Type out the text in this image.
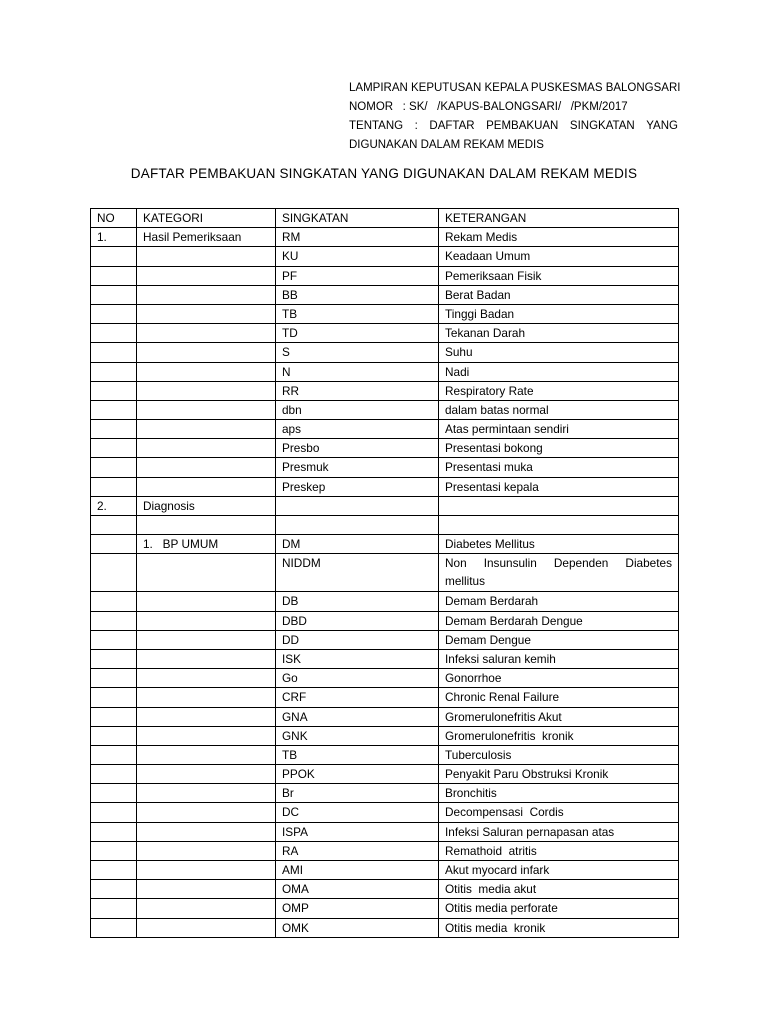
LAMPIRAN KEPUTUSAN KEPALA PUSKESMAS BALONGSARI
NOMOR   : SK/   /KAPUS-BALONGSARI/   /PKM/2017
TENTANG : DAFTAR PEMBAKUAN SINGKATAN YANG
DIGUNAKAN DALAM REKAM MEDIS
DAFTAR PEMBAKUAN SINGKATAN YANG DIGUNAKAN DALAM REKAM MEDIS
NO	KATEGORI	SINGKATAN	KETERANGAN
1.	Hasil Pemeriksaan	RM	Rekam Medis
		KU	Keadaan Umum
		PF	Pemeriksaan Fisik
		BB	Berat Badan
		TB	Tinggi Badan
		TD	Tekanan Darah
		S	Suhu
		N	Nadi
		RR	Respiratory Rate
		dbn	dalam batas normal
		aps	Atas permintaan sendiri
		Presbo	Presentasi bokong
		Presmuk	Presentasi muka
		Preskep	Presentasi kepala
2.	Diagnosis		

	1.   BP UMUM	DM	Diabetes Mellitus
		NIDDM	Non Insunsulin Dependen Diabetes
mellitus

		DB	Demam Berdarah
		DBD	Demam Berdarah Dengue
		DD	Demam Dengue
		ISK	Infeksi saluran kemih
		Go	Gonorrhoe
		CRF	Chronic Renal Failure
		GNA	Gromerulonefritis Akut
		GNK	Gromerulonefritis  kronik
		TB	Tuberculosis
		PPOK	Penyakit Paru Obstruksi Kronik
		Br	Bronchitis
		DC	Decompensasi  Cordis
		ISPA	Infeksi Saluran pernapasan atas
		RA	Remathoid  atritis
		AMI	Akut myocard infark
		OMA	Otitis  media akut
		OMP	Otitis media perforate
		OMK	Otitis media  kronik
